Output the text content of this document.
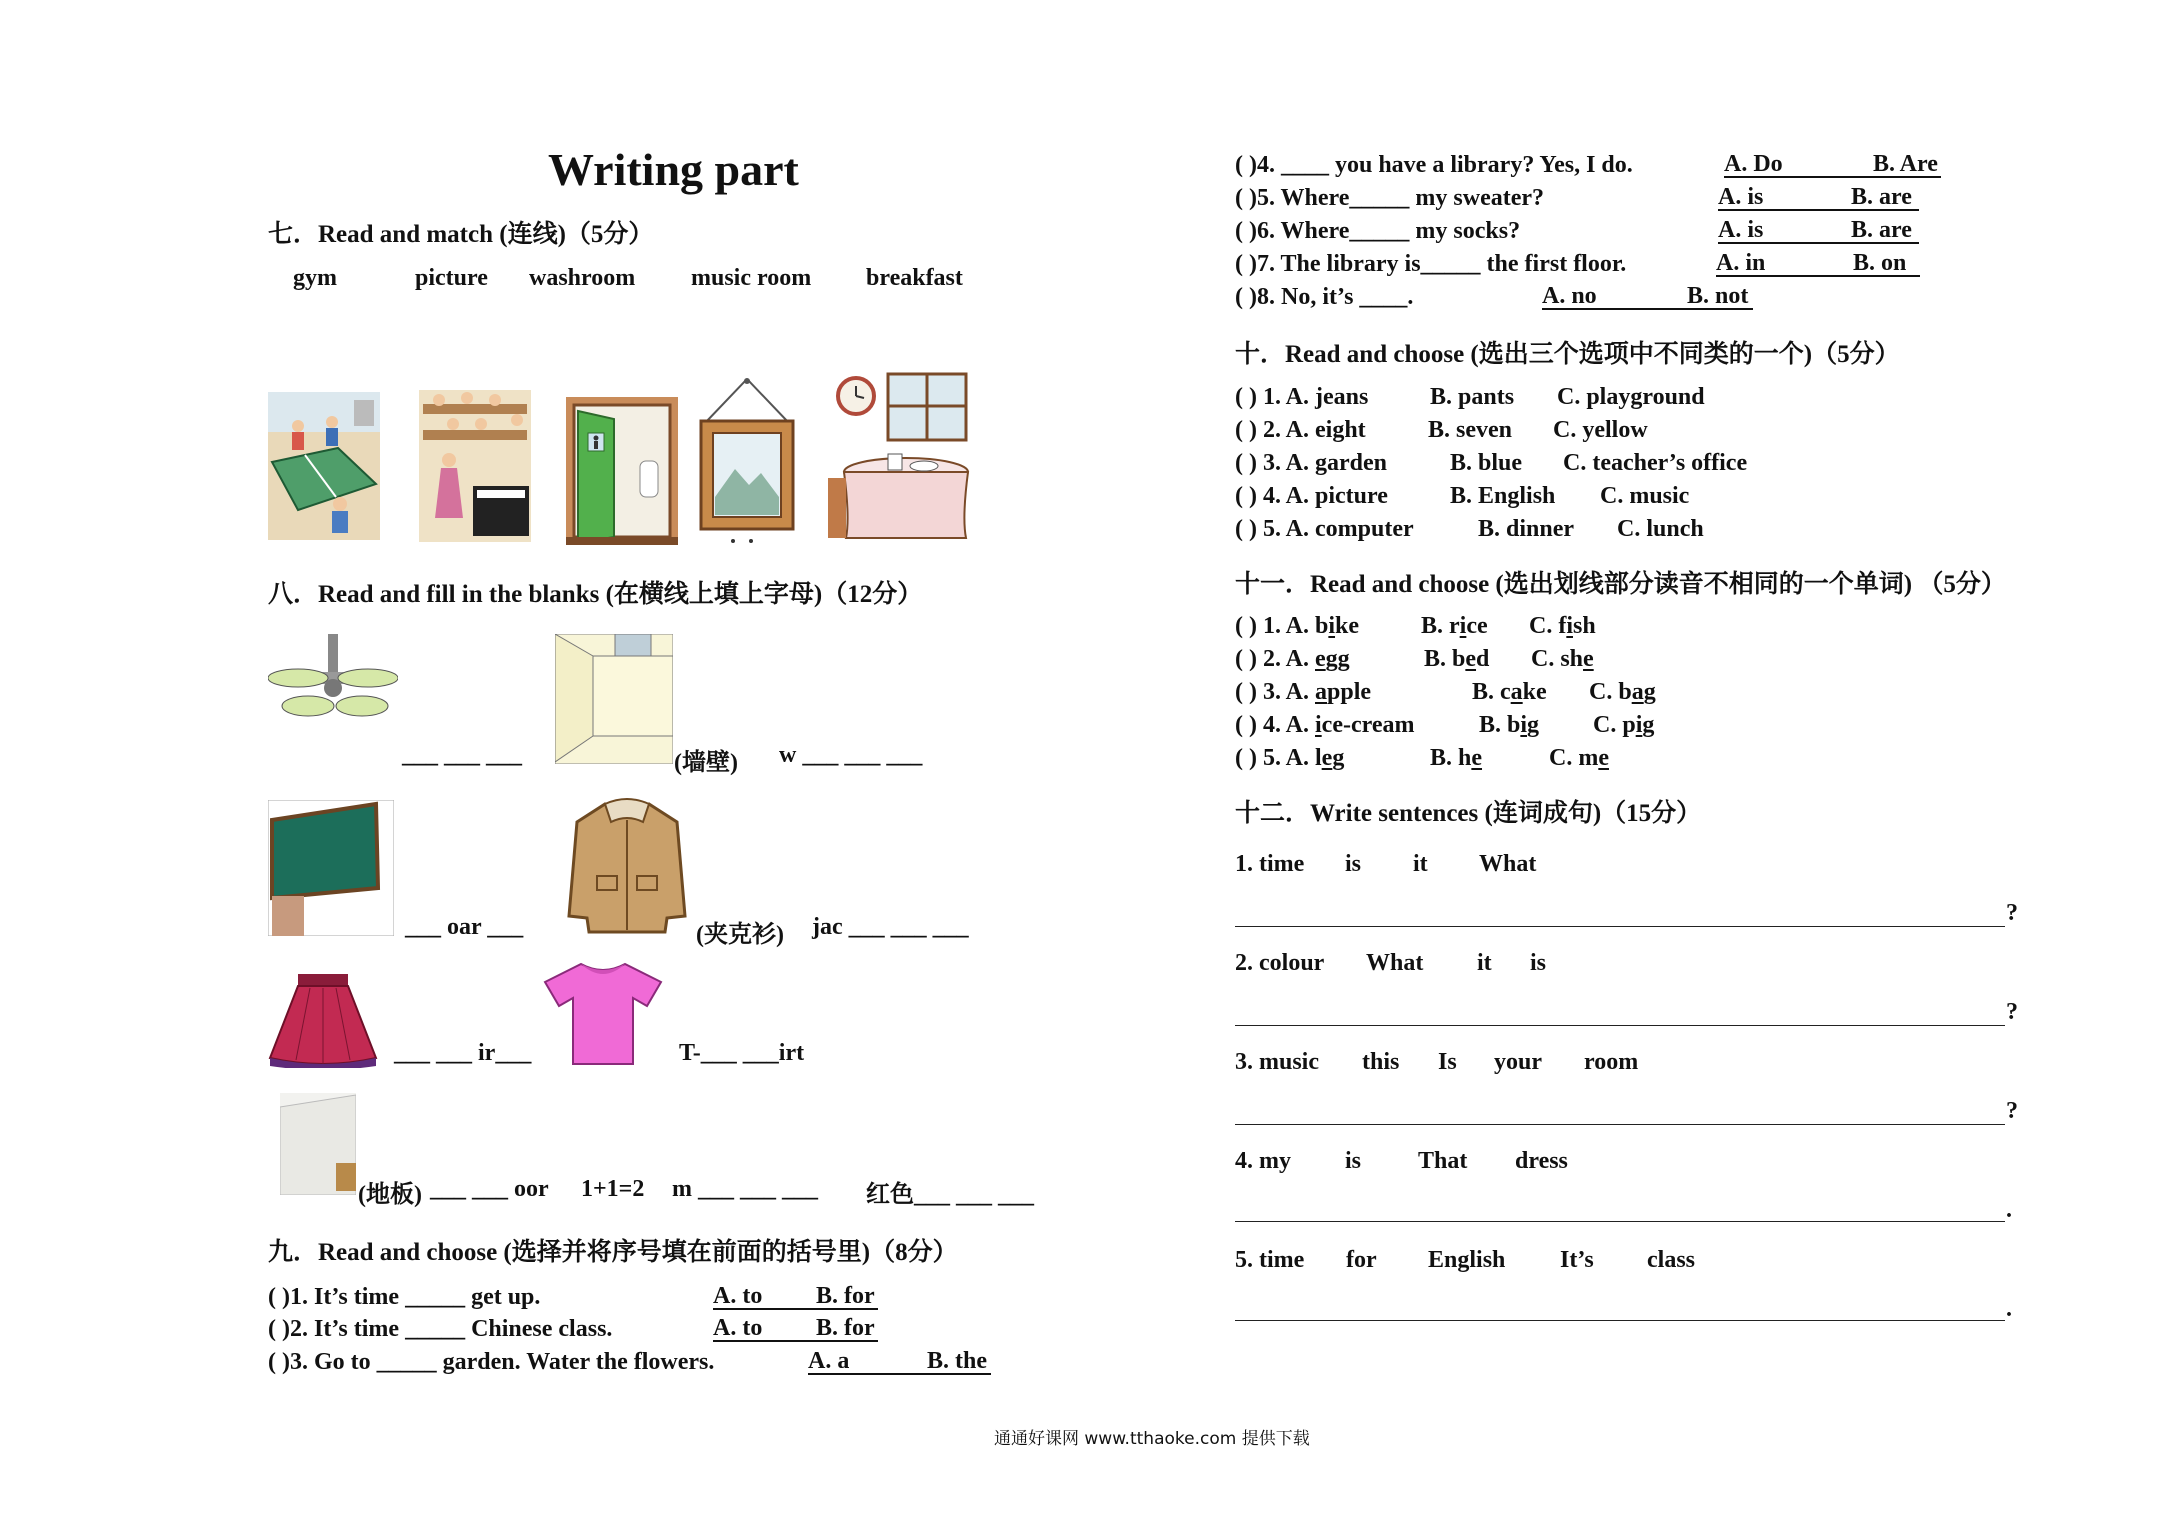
Writing part
七．Read and match (连线)（5分）
gym	picture washroom music room breakfast
八．Read and fill in the blanks (在横线上填上字母)（12分）
___ ___ ___	(墙壁) w ___ ___ ___
___ oar ___	(夹克衫) jac ___ ___ ___
___ ___ ir___	T-___ ___irt
(地板) ___ ___ oor 1+1=2 m ___ ___ ___ 红色___ ___ ___
九．Read and choose (选择并将序号填在前面的括号里)（8分）
( )1. It’s time _____ get up.	A. to	B. for
( )2. It’s time _____ Chinese class.	A. to	B. for
( )3. Go to _____ garden. Water the flowers.	A. a	B. the
( )4. ____ you have a library? Yes, I do.	A. Do	B. Are
( )5. Where_____ my sweater?	A. is	B. are
( )6. Where_____ my socks?	A. is	B. are
( )7. The library is_____ the first floor.	A. in	B. on
( )8. No, it’s ____.	A. no	B. not
十．Read and choose (选出三个选项中不同类的一个)（5分）
( ) 1. A. jeans	B. pants C. playground
( ) 2. A. eight	B. seven C. yellow
( ) 3. A. garden	B. blue C. teacher’s office
( ) 4. A. picture	B. English C. music
( ) 5. A. computer	B. dinner C. lunch
十一．Read and choose (选出划线部分读音不相同的一个单词) （5分）
( ) 1. A. bike	B. rice C. fish
( ) 2. A. egg	B. bed C. she
( ) 3. A. apple	B. cake C. bag
( ) 4. A. ice-cream	B. big C. pig
( ) 5. A. leg	B. he	C. me
十二．Write sentences (连词成句)（15分）
1. time is it What
?
2. colour What it is
?
3. music this Is your room
?
4. my is That dress
.
5. time for English It’s class
.
通通好课网 www.tthaoke.com 提供下载
